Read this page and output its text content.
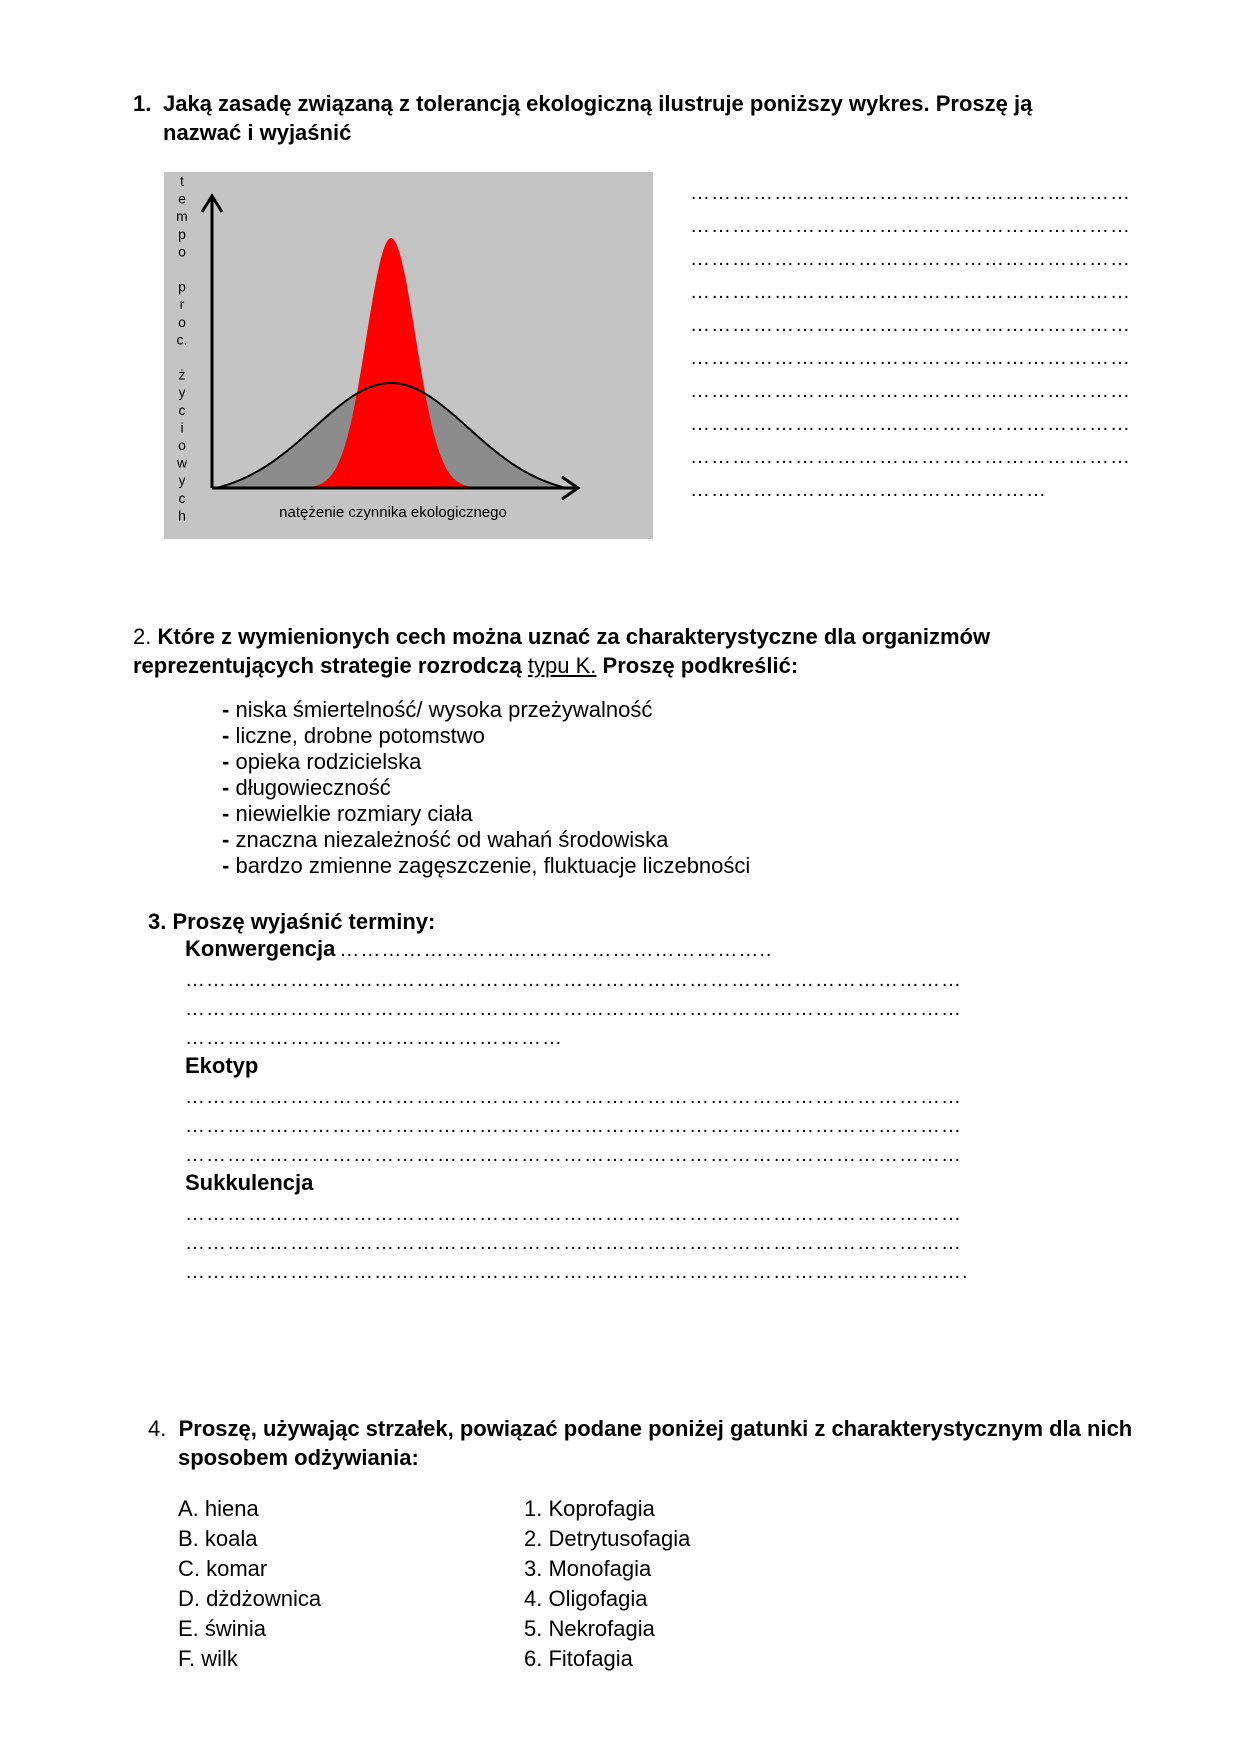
1. Jaką zasadę związaną z tolerancją ekologiczną ilustruje poniższy wykres. Proszę ją
nazwać i wyjaśnić
t
e
m
p
o
p
r
o
c.
ż
y
c
i
o
w
y
c
h	natężenie czynnika ekologicznego
………………………………………………………
………………………………………………………
………………………………………………………
………………………………………………………
………………………………………………………
………………………………………………………
………………………………………………………
………………………………………………………
………………………………………………………
……………………………………………
2. Które z wymienionych cech można uznać za charakterystyczne dla organizmów
reprezentujących strategie rozrodczą typu K. Proszę podkreślić:
- niska śmiertelność/ wysoka przeżywalność
- liczne, drobne potomstwo
- opieka rodzicielska
- długowieczność
- niewielkie rozmiary ciała
- znaczna niezależność od wahań środowiska
- bardzo zmienne zagęszczenie, fluktuacje liczebności
3. Proszę wyjaśnić terminy:
Konwergencja ……………………………………………………..
…………………………………………………………………………………………………
…………………………………………………………………………………………………
………………………………………………
Ekotyp
…………………………………………………………………………………………………
…………………………………………………………………………………………………
…………………………………………………………………………………………………
Sukkulencja
…………………………………………………………………………………………………
…………………………………………………………………………………………………
………………………………………………………………………………………………….
4. Proszę, używając strzałek, powiązać podane poniżej gatunki z charakterystycznym dla nich
sposobem odżywiania:
A. hiena
B. koala
C. komar
D. dżdżownica
E. świnia
F. wilk
1. Koprofagia
2. Detrytusofagia
3. Monofagia
4. Oligofagia
5. Nekrofagia
6. Fitofagia
